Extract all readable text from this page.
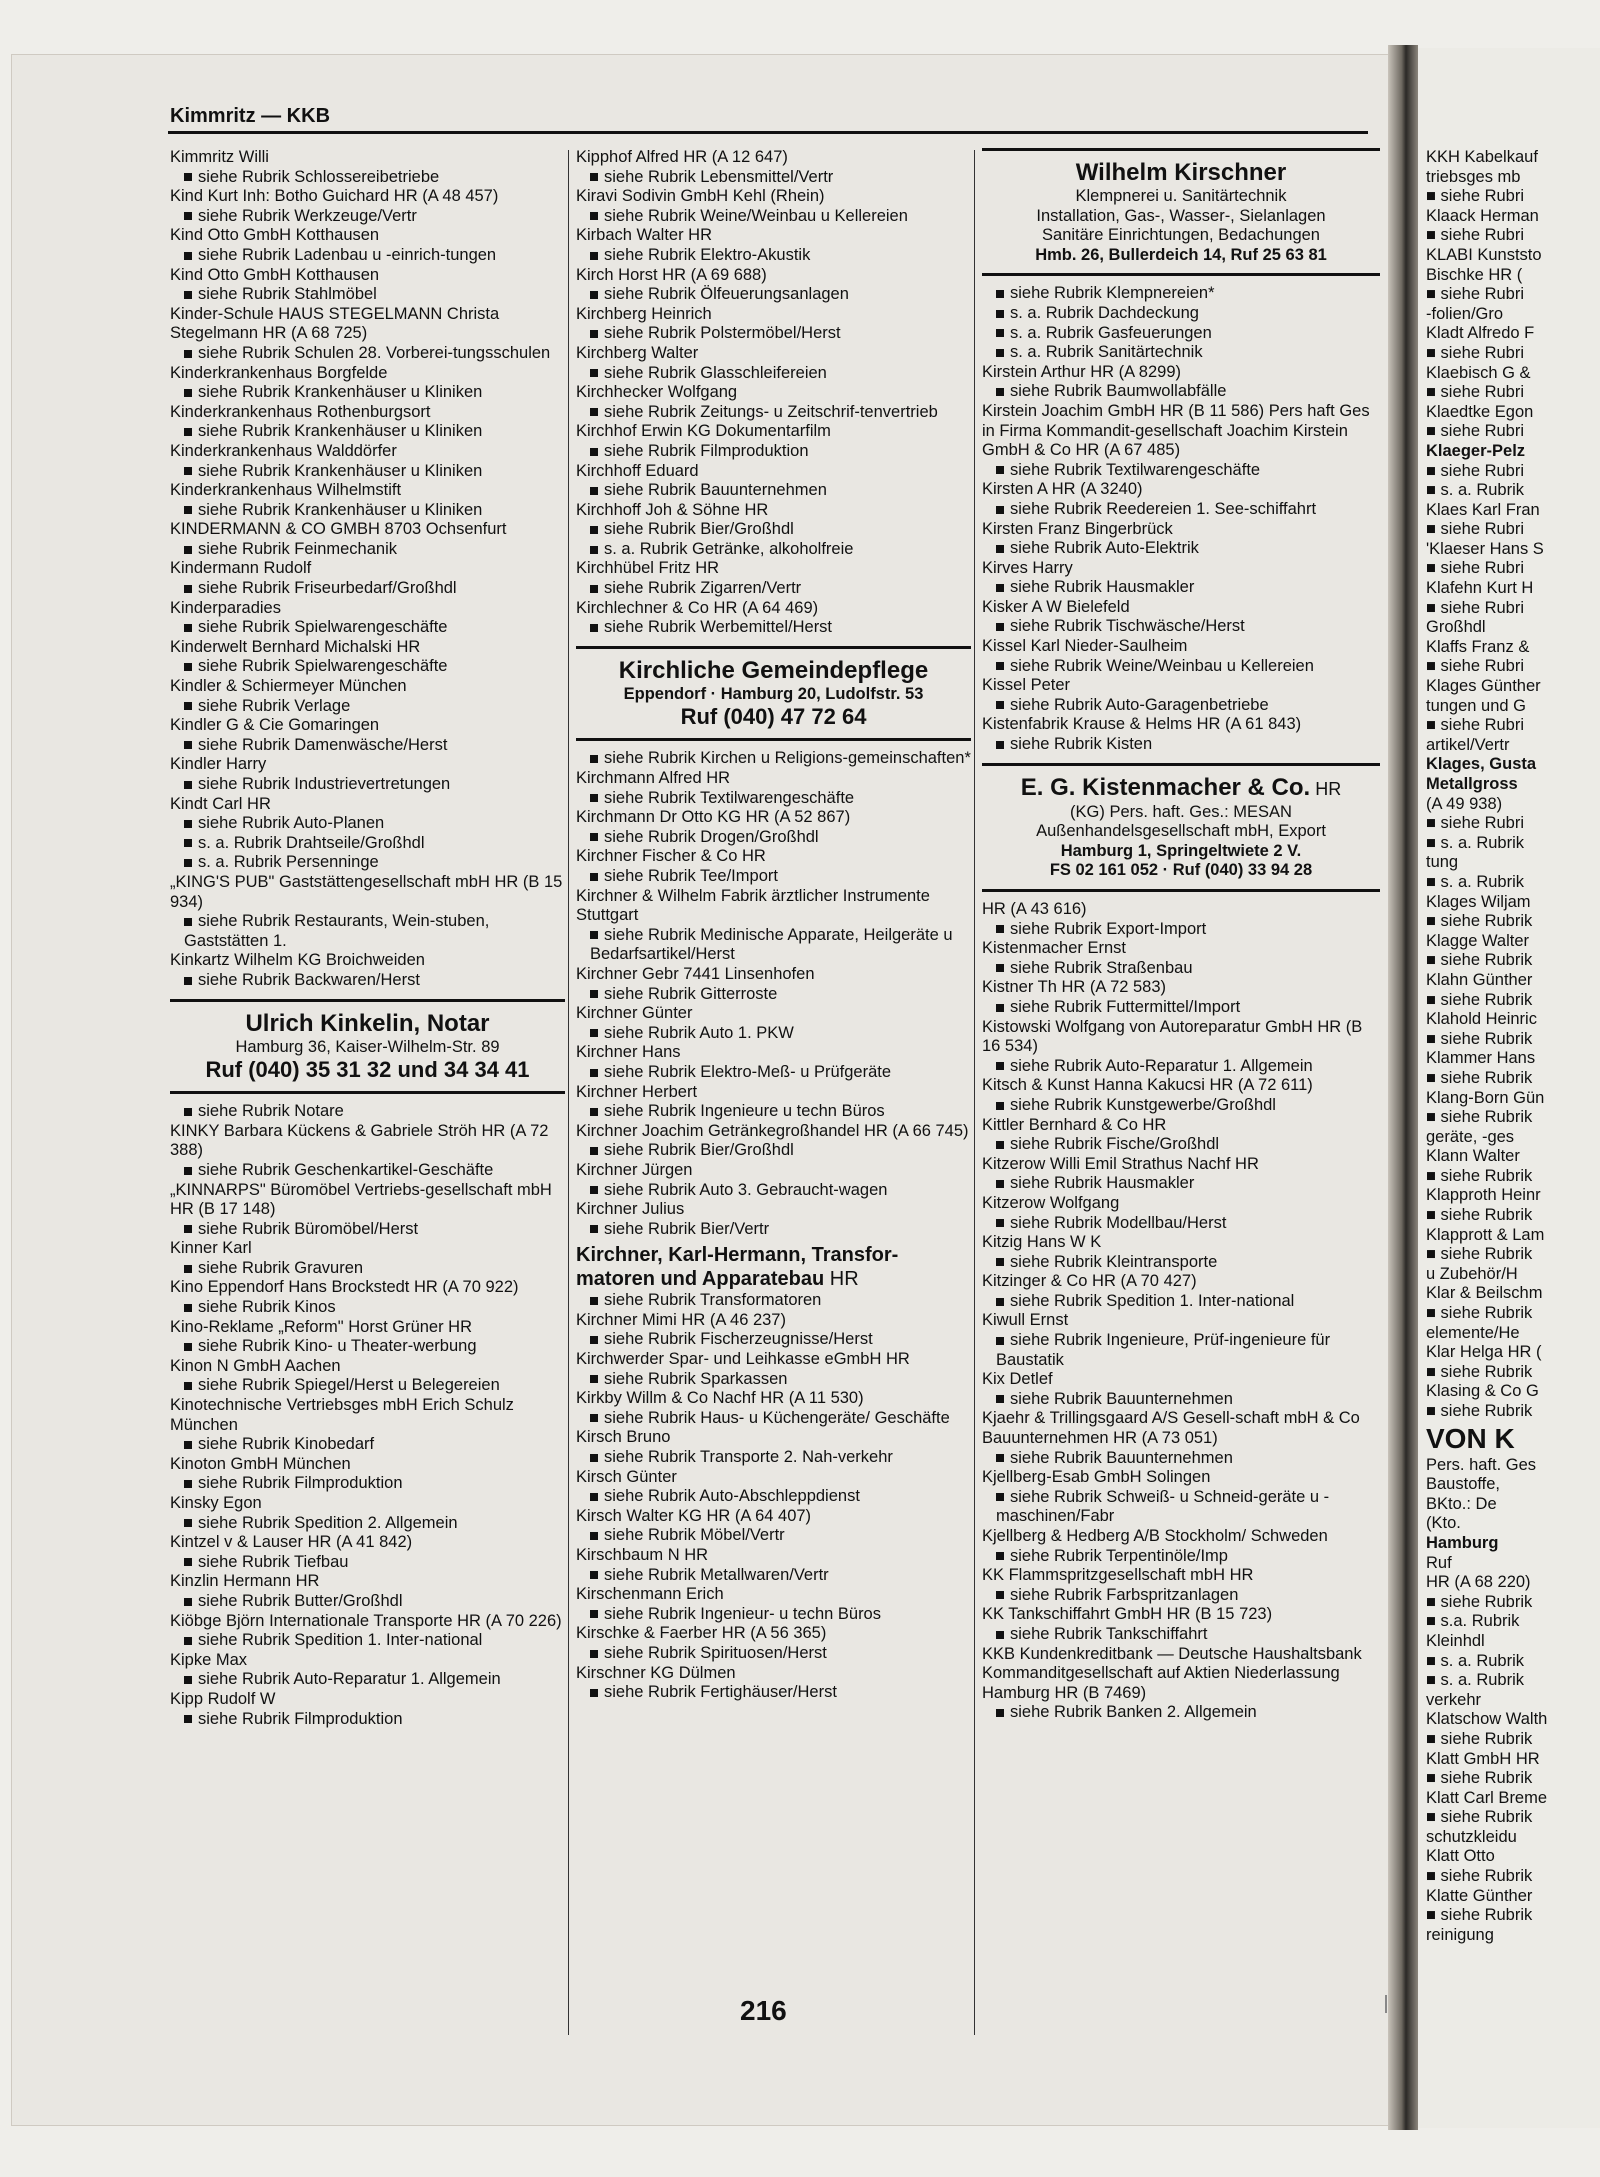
KKH Kabelkauf
triebsges mb
■ siehe Rubri
Klaack Herman
■ siehe Rubri
KLABI Kunststo
Bischke HR (
■ siehe Rubri
-folien/Gro
Kladt Alfredo F
■ siehe Rubri
Klaebisch G &
■ siehe Rubri
Klaedtke Egon
■ siehe Rubri
Klaeger-Pelz
■ siehe Rubri
■ s. a. Rubrik
Klaes Karl Fran
■ siehe Rubri
'Klaeser Hans S
■ siehe Rubri
Klafehn Kurt H
■ siehe Rubri
Großhdl
Klaffs Franz &
■ siehe Rubri
Klages Günther
tungen und G
■ siehe Rubri
artikel/Vertr
Klages, Gusta
Metallgross
(A 49 938)
■ siehe Rubri
■ s. a. Rubrik
tung
■ s. a. Rubrik
Klages Wiljam
■ siehe Rubrik
Klagge Walter
■ siehe Rubrik
Klahn Günther
■ siehe Rubrik
Klahold Heinric
■ siehe Rubrik
Klammer Hans
■ siehe Rubrik
Klang-Born Gün
■ siehe Rubrik
geräte, -ges
Klann Walter
■ siehe Rubrik
Klapproth Heinr
■ siehe Rubrik
Klapprott & Lam
■ siehe Rubrik
u Zubehör/H
Klar & Beilschm
■ siehe Rubrik
elemente/He
Klar Helga HR (
■ siehe Rubrik
Klasing & Co G
■ siehe Rubrik
VON K
Pers. haft. Ges
Baustoffe,
BKto.: De
(Kto.
Hamburg
Ruf
HR (A 68 220)
■ siehe Rubrik
■ s.a. Rubrik
Kleinhdl
■ s. a. Rubrik
■ s. a. Rubrik
verkehr
Klatschow Walth
■ siehe Rubrik
Klatt GmbH HR
■ siehe Rubrik
Klatt Carl Breme
■ siehe Rubrik
schutzkleidu
Klatt Otto
■ siehe Rubrik
Klatte Günther
■ siehe Rubrik
reinigung
Kimmritz — KKB
Kimmritz Willi
siehe Rubrik Schlossereibetriebe
Kind Kurt Inh: Botho Guichard HR (A 48 457)
siehe Rubrik Werkzeuge/Vertr
Kind Otto GmbH Kotthausen
siehe Rubrik Ladenbau u -einrich-tungen
Kind Otto GmbH Kotthausen
siehe Rubrik Stahlmöbel
Kinder-Schule HAUS STEGELMANN Christa Stegelmann HR (A 68 725)
siehe Rubrik Schulen 28. Vorberei-tungsschulen
Kinderkrankenhaus Borgfelde
siehe Rubrik Krankenhäuser u Kliniken
Kinderkrankenhaus Rothenburgsort
siehe Rubrik Krankenhäuser u Kliniken
Kinderkrankenhaus Walddörfer
siehe Rubrik Krankenhäuser u Kliniken
Kinderkrankenhaus Wilhelmstift
siehe Rubrik Krankenhäuser u Kliniken
KINDERMANN & CO GMBH 8703 Ochsenfurt
siehe Rubrik Feinmechanik
Kindermann Rudolf
siehe Rubrik Friseurbedarf/Großhdl
Kinderparadies
siehe Rubrik Spielwarengeschäfte
Kinderwelt Bernhard Michalski HR
siehe Rubrik Spielwarengeschäfte
Kindler & Schiermeyer München
siehe Rubrik Verlage
Kindler G & Cie Gomaringen
siehe Rubrik Damenwäsche/Herst
Kindler Harry
siehe Rubrik Industrievertretungen
Kindt Carl HR
siehe Rubrik Auto-Planen
s. a. Rubrik Drahtseile/Großhdl
s. a. Rubrik Persenninge
„KING'S PUB" Gaststättengesellschaft mbH HR (B 15 934)
siehe Rubrik Restaurants, Wein-stuben, Gaststätten 1.
Kinkartz Wilhelm KG Broichweiden
siehe Rubrik Backwaren/Herst
Ulrich Kinkelin, Notar
Hamburg 36, Kaiser-Wilhelm-Str. 89
Ruf (040) 35 31 32 und 34 34 41
siehe Rubrik Notare
KINKY Barbara Kückens & Gabriele Ströh HR (A 72 388)
siehe Rubrik Geschenkartikel-Geschäfte
„KINNARPS" Büromöbel Vertriebs-gesellschaft mbH HR (B 17 148)
siehe Rubrik Büromöbel/Herst
Kinner Karl
siehe Rubrik Gravuren
Kino Eppendorf Hans Brockstedt HR (A 70 922)
siehe Rubrik Kinos
Kino-Reklame „Reform" Horst Grüner HR
siehe Rubrik Kino- u Theater-werbung
Kinon N GmbH Aachen
siehe Rubrik Spiegel/Herst u Belegereien
Kinotechnische Vertriebsges mbH Erich Schulz München
siehe Rubrik Kinobedarf
Kinoton GmbH München
siehe Rubrik Filmproduktion
Kinsky Egon
siehe Rubrik Spedition 2. Allgemein
Kintzel v & Lauser HR (A 41 842)
siehe Rubrik Tiefbau
Kinzlin Hermann HR
siehe Rubrik Butter/Großhdl
Kiöbge Björn Internationale Transporte HR (A 70 226)
siehe Rubrik Spedition 1. Inter-national
Kipke Max
siehe Rubrik Auto-Reparatur 1. Allgemein
Kipp Rudolf W
siehe Rubrik Filmproduktion
Kipphof Alfred HR (A 12 647)
siehe Rubrik Lebensmittel/Vertr
Kiravi Sodivin GmbH Kehl (Rhein)
siehe Rubrik Weine/Weinbau u Kellereien
Kirbach Walter HR
siehe Rubrik Elektro-Akustik
Kirch Horst HR (A 69 688)
siehe Rubrik Ölfeuerungsanlagen
Kirchberg Heinrich
siehe Rubrik Polstermöbel/Herst
Kirchberg Walter
siehe Rubrik Glasschleifereien
Kirchhecker Wolfgang
siehe Rubrik Zeitungs- u Zeitschrif-tenvertrieb
Kirchhof Erwin KG Dokumentarfilm
siehe Rubrik Filmproduktion
Kirchhoff Eduard
siehe Rubrik Bauunternehmen
Kirchhoff Joh & Söhne HR
siehe Rubrik Bier/Großhdl
s. a. Rubrik Getränke, alkoholfreie
Kirchhübel Fritz HR
siehe Rubrik Zigarren/Vertr
Kirchlechner & Co HR (A 64 469)
siehe Rubrik Werbemittel/Herst
Kirchliche Gemeindepflege
Eppendorf · Hamburg 20, Ludolfstr. 53
Ruf (040) 47 72 64
siehe Rubrik Kirchen u Religions-gemeinschaften*
Kirchmann Alfred HR
siehe Rubrik Textilwarengeschäfte
Kirchmann Dr Otto KG HR (A 52 867)
siehe Rubrik Drogen/Großhdl
Kirchner Fischer & Co HR
siehe Rubrik Tee/Import
Kirchner & Wilhelm Fabrik ärztlicher Instrumente Stuttgart
siehe Rubrik Medinische Apparate, Heilgeräte u Bedarfsartikel/Herst
Kirchner Gebr 7441 Linsenhofen
siehe Rubrik Gitterroste
Kirchner Günter
siehe Rubrik Auto 1. PKW
Kirchner Hans
siehe Rubrik Elektro-Meß- u Prüfgeräte
Kirchner Herbert
siehe Rubrik Ingenieure u techn Büros
Kirchner Joachim Getränkegroßhandel HR (A 66 745)
siehe Rubrik Bier/Großhdl
Kirchner Jürgen
siehe Rubrik Auto 3. Gebraucht-wagen
Kirchner Julius
siehe Rubrik Bier/Vertr
Kirchner, Karl-Hermann, Transfor-matoren und Apparatebau HR
siehe Rubrik Transformatoren
Kirchner Mimi HR (A 46 237)
siehe Rubrik Fischerzeugnisse/Herst
Kirchwerder Spar- und Leihkasse eGmbH HR
siehe Rubrik Sparkassen
Kirkby Willm & Co Nachf HR (A 11 530)
siehe Rubrik Haus- u Küchengeräte/ Geschäfte
Kirsch Bruno
siehe Rubrik Transporte 2. Nah-verkehr
Kirsch Günter
siehe Rubrik Auto-Abschleppdienst
Kirsch Walter KG HR (A 64 407)
siehe Rubrik Möbel/Vertr
Kirschbaum N HR
siehe Rubrik Metallwaren/Vertr
Kirschenmann Erich
siehe Rubrik Ingenieur- u techn Büros
Kirschke & Faerber HR (A 56 365)
siehe Rubrik Spirituosen/Herst
Kirschner KG Dülmen
siehe Rubrik Fertighäuser/Herst
Wilhelm Kirschner
Klempnerei u. Sanitärtechnik
Installation, Gas-, Wasser-, Sielanlagen
Sanitäre Einrichtungen, Bedachungen
Hmb. 26, Bullerdeich 14, Ruf 25 63 81
siehe Rubrik Klempnereien*
s. a. Rubrik Dachdeckung
s. a. Rubrik Gasfeuerungen
s. a. Rubrik Sanitärtechnik
Kirstein Arthur HR (A 8299)
siehe Rubrik Baumwollabfälle
Kirstein Joachim GmbH HR (B 11 586) Pers haft Ges in Firma Kommandit-gesellschaft Joachim Kirstein GmbH & Co HR (A 67 485)
siehe Rubrik Textilwarengeschäfte
Kirsten A HR (A 3240)
siehe Rubrik Reedereien 1. See-schiffahrt
Kirsten Franz Bingerbrück
siehe Rubrik Auto-Elektrik
Kirves Harry
siehe Rubrik Hausmakler
Kisker A W Bielefeld
siehe Rubrik Tischwäsche/Herst
Kissel Karl Nieder-Saulheim
siehe Rubrik Weine/Weinbau u Kellereien
Kissel Peter
siehe Rubrik Auto-Garagenbetriebe
Kistenfabrik Krause & Helms HR (A 61 843)
siehe Rubrik Kisten
E. G. Kistenmacher & Co. HR
(KG) Pers. haft. Ges.: MESAN
Außenhandelsgesellschaft mbH, Export
Hamburg 1, Springeltwiete 2 V.
FS 02 161 052 · Ruf (040) 33 94 28
HR (A 43 616)
siehe Rubrik Export-Import
Kistenmacher Ernst
siehe Rubrik Straßenbau
Kistner Th HR (A 72 583)
siehe Rubrik Futtermittel/Import
Kistowski Wolfgang von Autoreparatur GmbH HR (B 16 534)
siehe Rubrik Auto-Reparatur 1. Allgemein
Kitsch & Kunst Hanna Kakucsi HR (A 72 611)
siehe Rubrik Kunstgewerbe/Großhdl
Kittler Bernhard & Co HR
siehe Rubrik Fische/Großhdl
Kitzerow Willi Emil Strathus Nachf HR
siehe Rubrik Hausmakler
Kitzerow Wolfgang
siehe Rubrik Modellbau/Herst
Kitzig Hans W K
siehe Rubrik Kleintransporte
Kitzinger & Co HR (A 70 427)
siehe Rubrik Spedition 1. Inter-national
Kiwull Ernst
siehe Rubrik Ingenieure, Prüf-ingenieure für Baustatik
Kix Detlef
siehe Rubrik Bauunternehmen
Kjaehr & Trillingsgaard A/S Gesell-schaft mbH & Co Bauunternehmen HR (A 73 051)
siehe Rubrik Bauunternehmen
Kjellberg-Esab GmbH Solingen
siehe Rubrik Schweiß- u Schneid-geräte u -maschinen/Fabr
Kjellberg & Hedberg A/B Stockholm/ Schweden
siehe Rubrik Terpentinöle/Imp
KK Flammspritzgesellschaft mbH HR
siehe Rubrik Farbspritzanlagen
KK Tankschiffahrt GmbH HR (B 15 723)
siehe Rubrik Tankschiffahrt
KKB Kundenkreditbank — Deutsche Haushaltsbank Kommanditgesellschaft auf Aktien Niederlassung Hamburg HR (B 7469)
siehe Rubrik Banken 2. Allgemein
216
